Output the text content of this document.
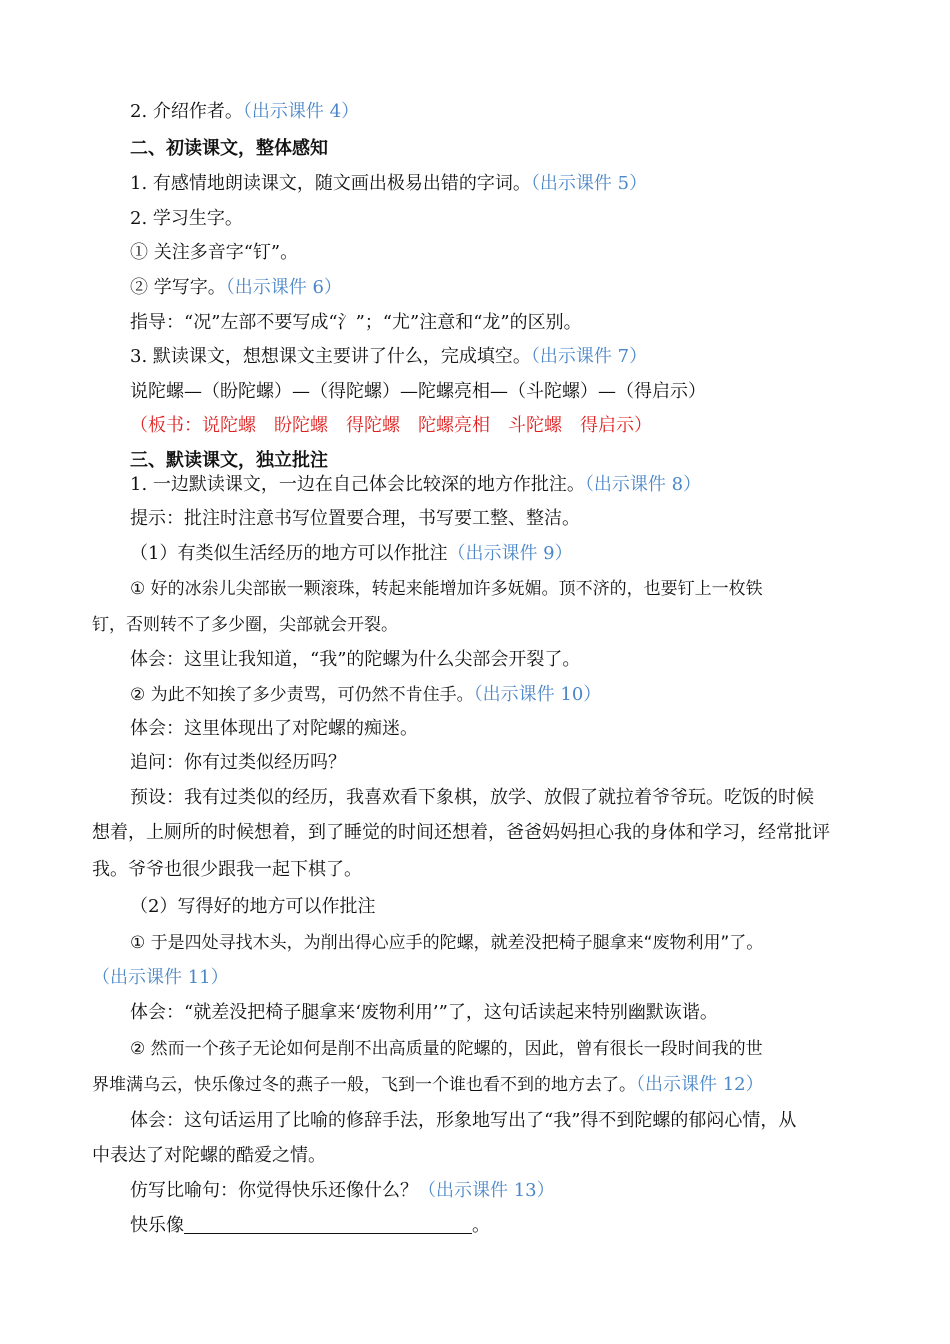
2. 介绍作者。（出示课件 4）
二、初读课文，整体感知
1. 有感情地朗读课文，随文画出极易出错的字词。（出示课件 5）
2. 学习生字。
① 关注多音字“钉”。
② 学写字。（出示课件 6）
指导：“况”左部不要写成“氵”；“尤”注意和“龙”的区别。
3. 默读课文，想想课文主要讲了什么，完成填空。（出示课件 7）
说陀螺—（盼陀螺）—（得陀螺）—陀螺亮相—（斗陀螺）—（得启示）
（板书：说陀螺 盼陀螺 得陀螺 陀螺亮相 斗陀螺 得启示）
三、默读课文，独立批注
1. 一边默读课文，一边在自己体会比较深的地方作批注。（出示课件 8）
提示：批注时注意书写位置要合理，书写要工整、整洁。
（1）有类似生活经历的地方可以作批注（出示课件 9）
① 好的冰尜儿尖部嵌一颗滚珠，转起来能增加许多妩媚。顶不济的，也要钉上一枚铁
钉，否则转不了多少圈，尖部就会开裂。
体会：这里让我知道，“我”的陀螺为什么尖部会开裂了。
② 为此不知挨了多少责骂，可仍然不肯住手。（出示课件 10）
体会：这里体现出了对陀螺的痴迷。
追问：你有过类似经历吗？
预设：我有过类似的经历，我喜欢看下象棋，放学、放假了就拉着爷爷玩。吃饭的时候
想着，上厕所的时候想着，到了睡觉的时间还想着，爸爸妈妈担心我的身体和学习，经常批评
我。爷爷也很少跟我一起下棋了。
（2）写得好的地方可以作批注
① 于是四处寻找木头，为削出得心应手的陀螺，就差没把椅子腿拿来“废物利用”了。
（出示课件 11）
体会：“就差没把椅子腿拿来‘废物利用’”了，这句话读起来特别幽默诙谐。
② 然而一个孩子无论如何是削不出高质量的陀螺的，因此，曾有很长一段时间我的世
界堆满乌云，快乐像过冬的燕子一般，飞到一个谁也看不到的地方去了。（出示课件 12）
体会：这句话运用了比喻的修辞手法，形象地写出了“我”得不到陀螺的郁闷心情，从
中表达了对陀螺的酷爱之情。
仿写比喻句：你觉得快乐还像什么？（出示课件 13）
快乐像	。
